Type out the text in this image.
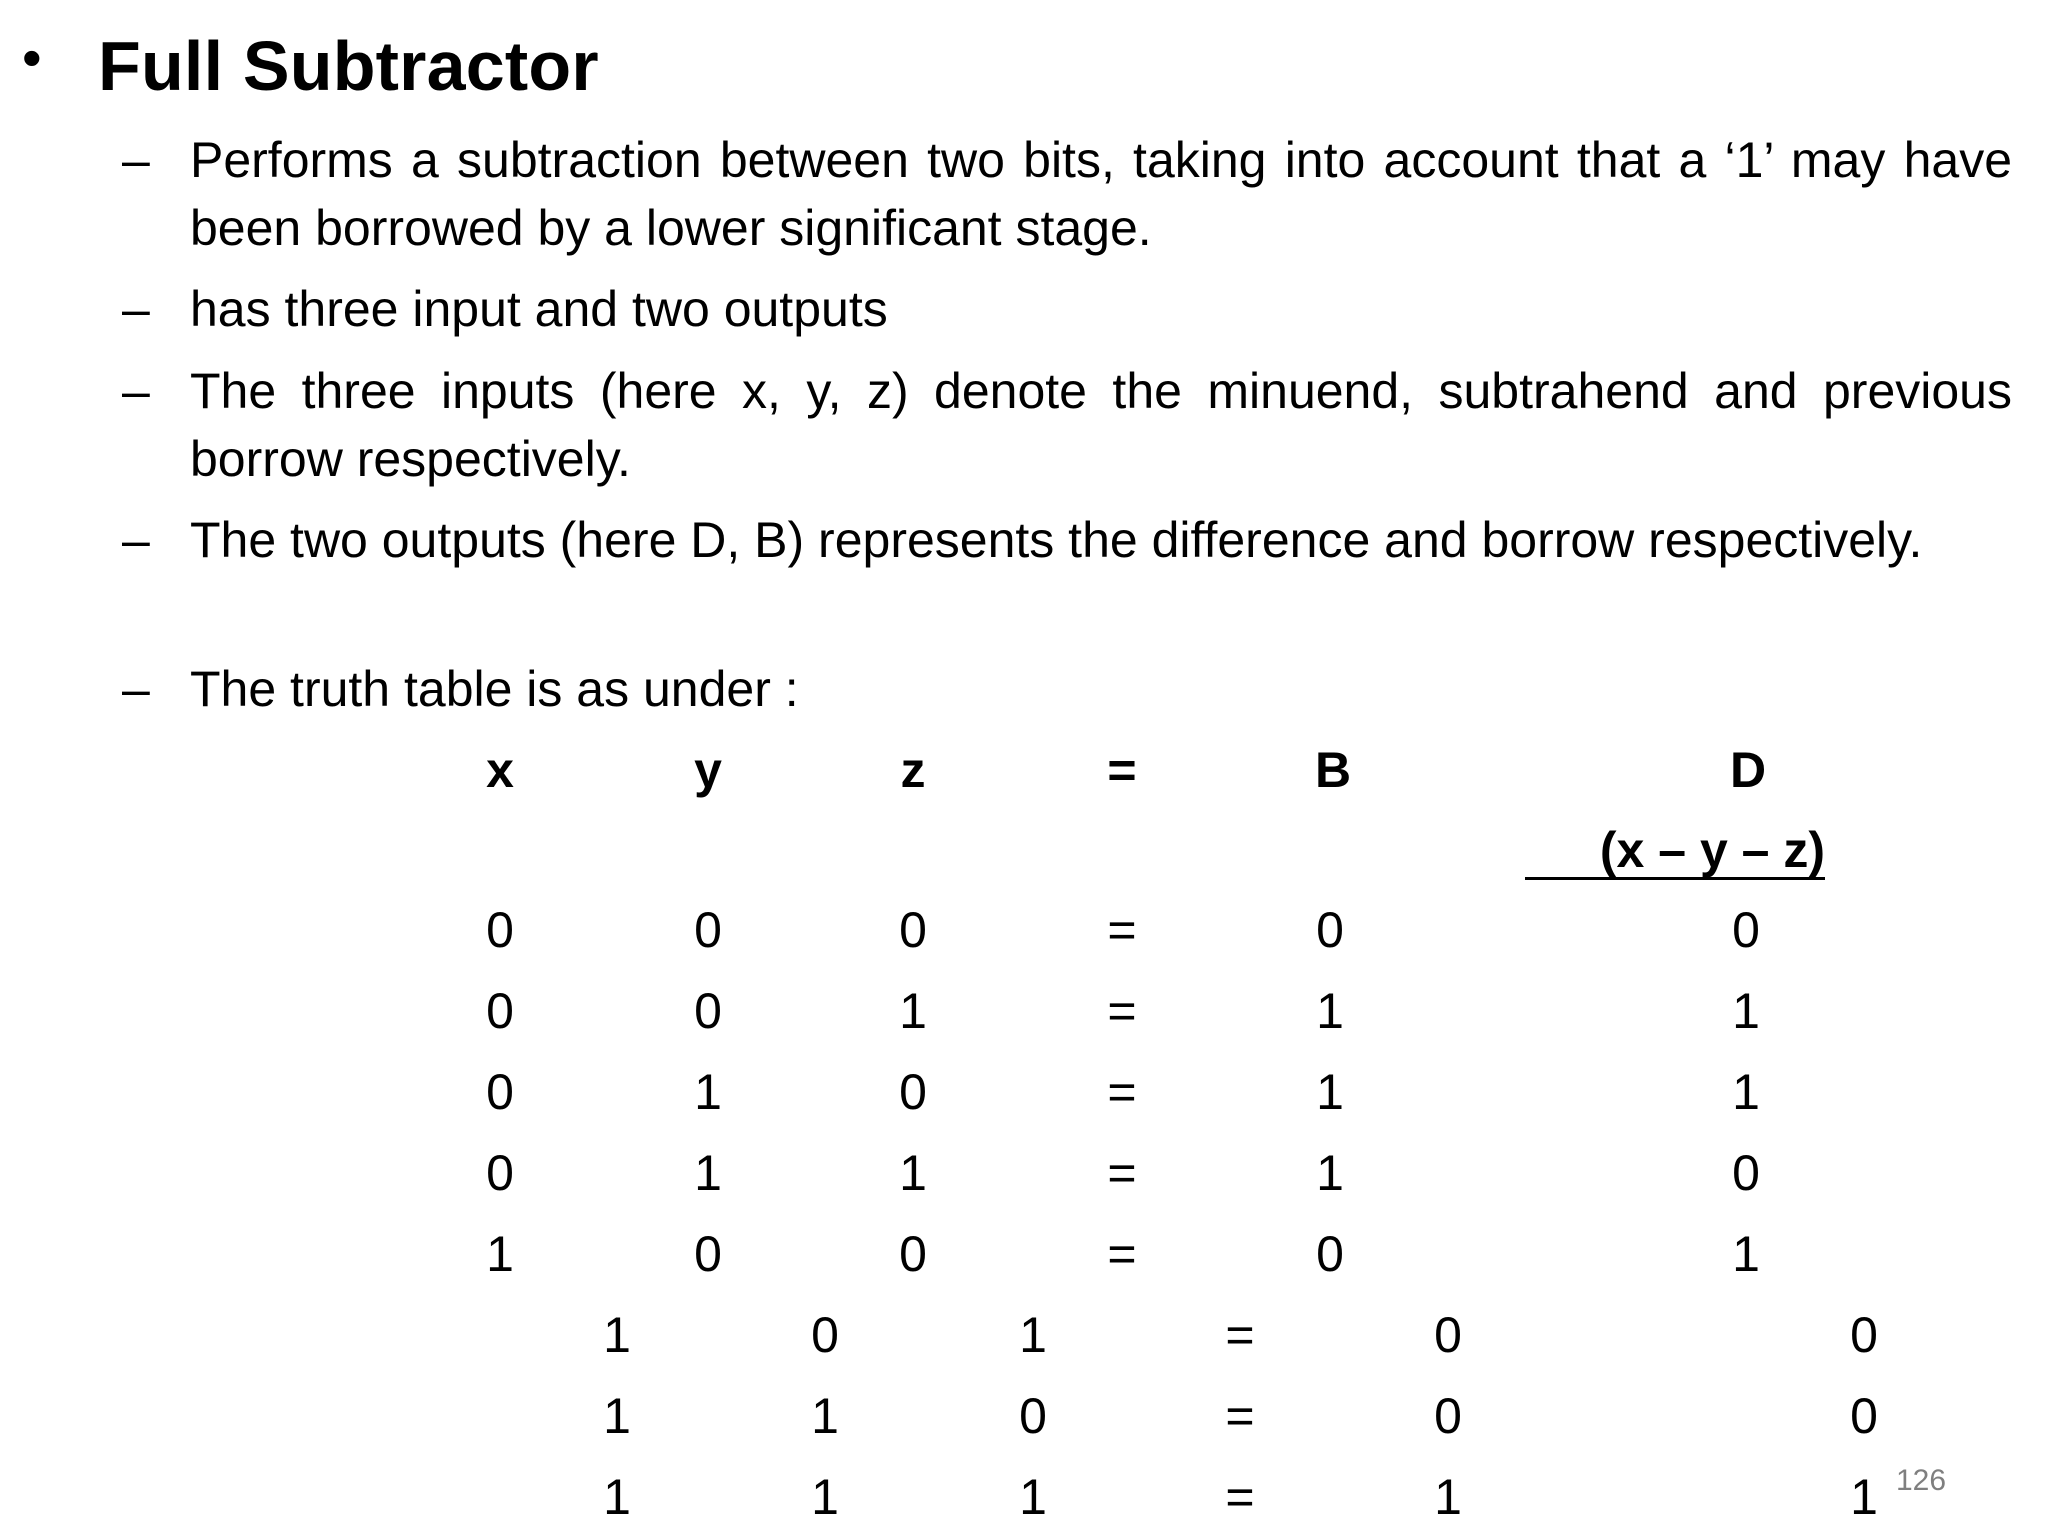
• Full Subtractor
– Performs a subtraction between two bits, taking into account that a ‘1’ may have been borrowed by a lower significant stage.
– has three input and two outputs
– The three inputs (here x, y, z) denote the minuend, subtrahend and previous borrow respectively.
– The two outputs (here D, B) represents the difference and borrow respectively.
– The truth table is as under :
x	y	z	=	B	D
(x – y – z)
0	0	0	=	0	0
0	0	1	=	1	1
0	1	0	=	1	1
0	1	1	=	1	0
1	0	0	=	0	1
1	0	1	=	0	0
1	1	0	=	0	0
1	1	1	=	1	1 126
